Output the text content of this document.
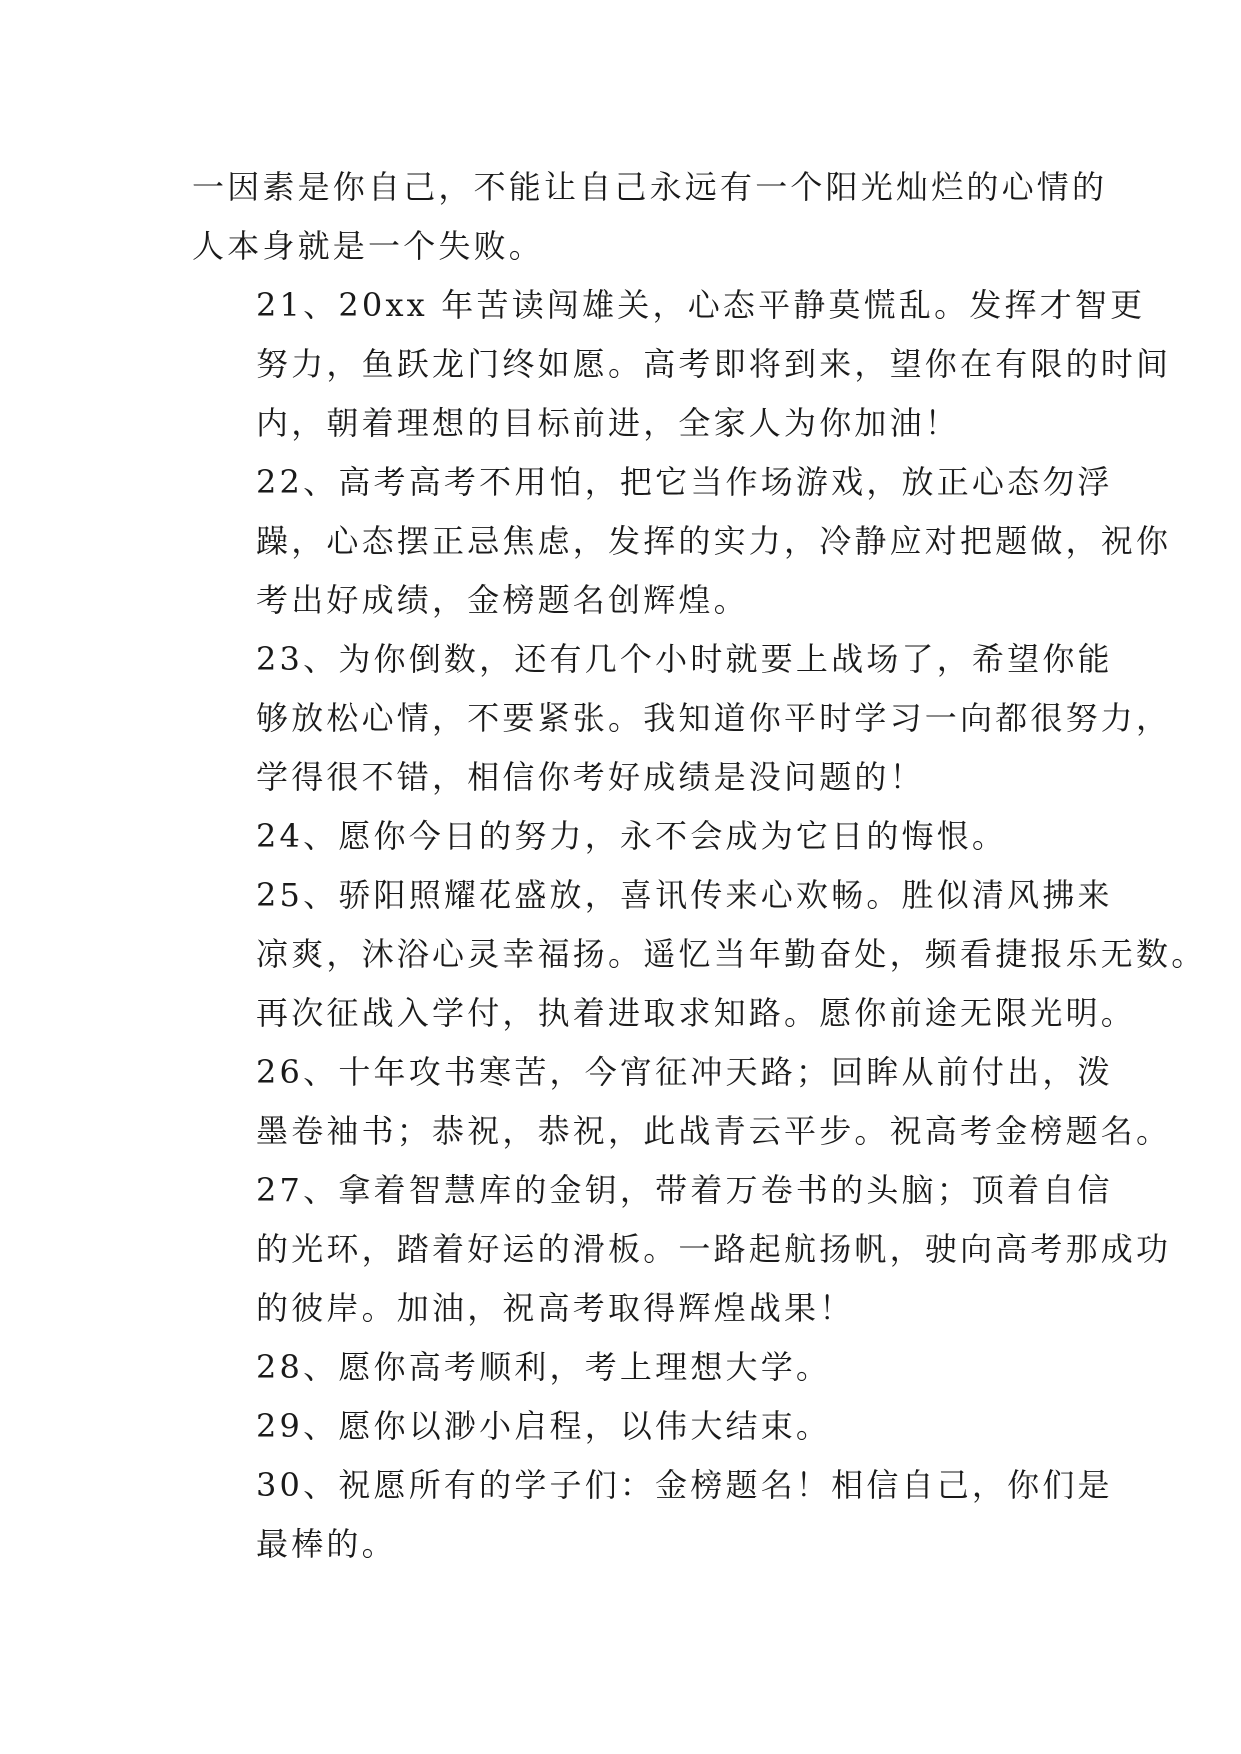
一因素是你自己，不能让自己永远有一个阳光灿烂的心情的
人本身就是一个失败。

21、20xx 年苦读闯雄关，心态平静莫慌乱。发挥才智更
努力，鱼跃龙门终如愿。高考即将到来，望你在有限的时间
内，朝着理想的目标前进，全家人为你加油！

22、高考高考不用怕，把它当作场游戏，放正心态勿浮
躁，心态摆正忌焦虑，发挥的实力，冷静应对把题做，祝你
考出好成绩，金榜题名创辉煌。

23、为你倒数，还有几个小时就要上战场了，希望你能
够放松心情，不要紧张。我知道你平时学习一向都很努力，
学得很不错，相信你考好成绩是没问题的！

24、愿你今日的努力，永不会成为它日的悔恨。

25、骄阳照耀花盛放，喜讯传来心欢畅。胜似清风拂来
凉爽，沐浴心灵幸福扬。遥忆当年勤奋处，频看捷报乐无数。
再次征战入学付，执着进取求知路。愿你前途无限光明。

26、十年攻书寒苦，今宵征冲天路；回眸从前付出，泼
墨卷袖书；恭祝，恭祝，此战青云平步。祝高考金榜题名。

27、拿着智慧库的金钥，带着万卷书的头脑；顶着自信
的光环，踏着好运的滑板。一路起航扬帆，驶向高考那成功
的彼岸。加油，祝高考取得辉煌战果！

28、愿你高考顺利，考上理想大学。

29、愿你以渺小启程，以伟大结束。

30、祝愿所有的学子们：金榜题名！相信自己，你们是
最棒的。
